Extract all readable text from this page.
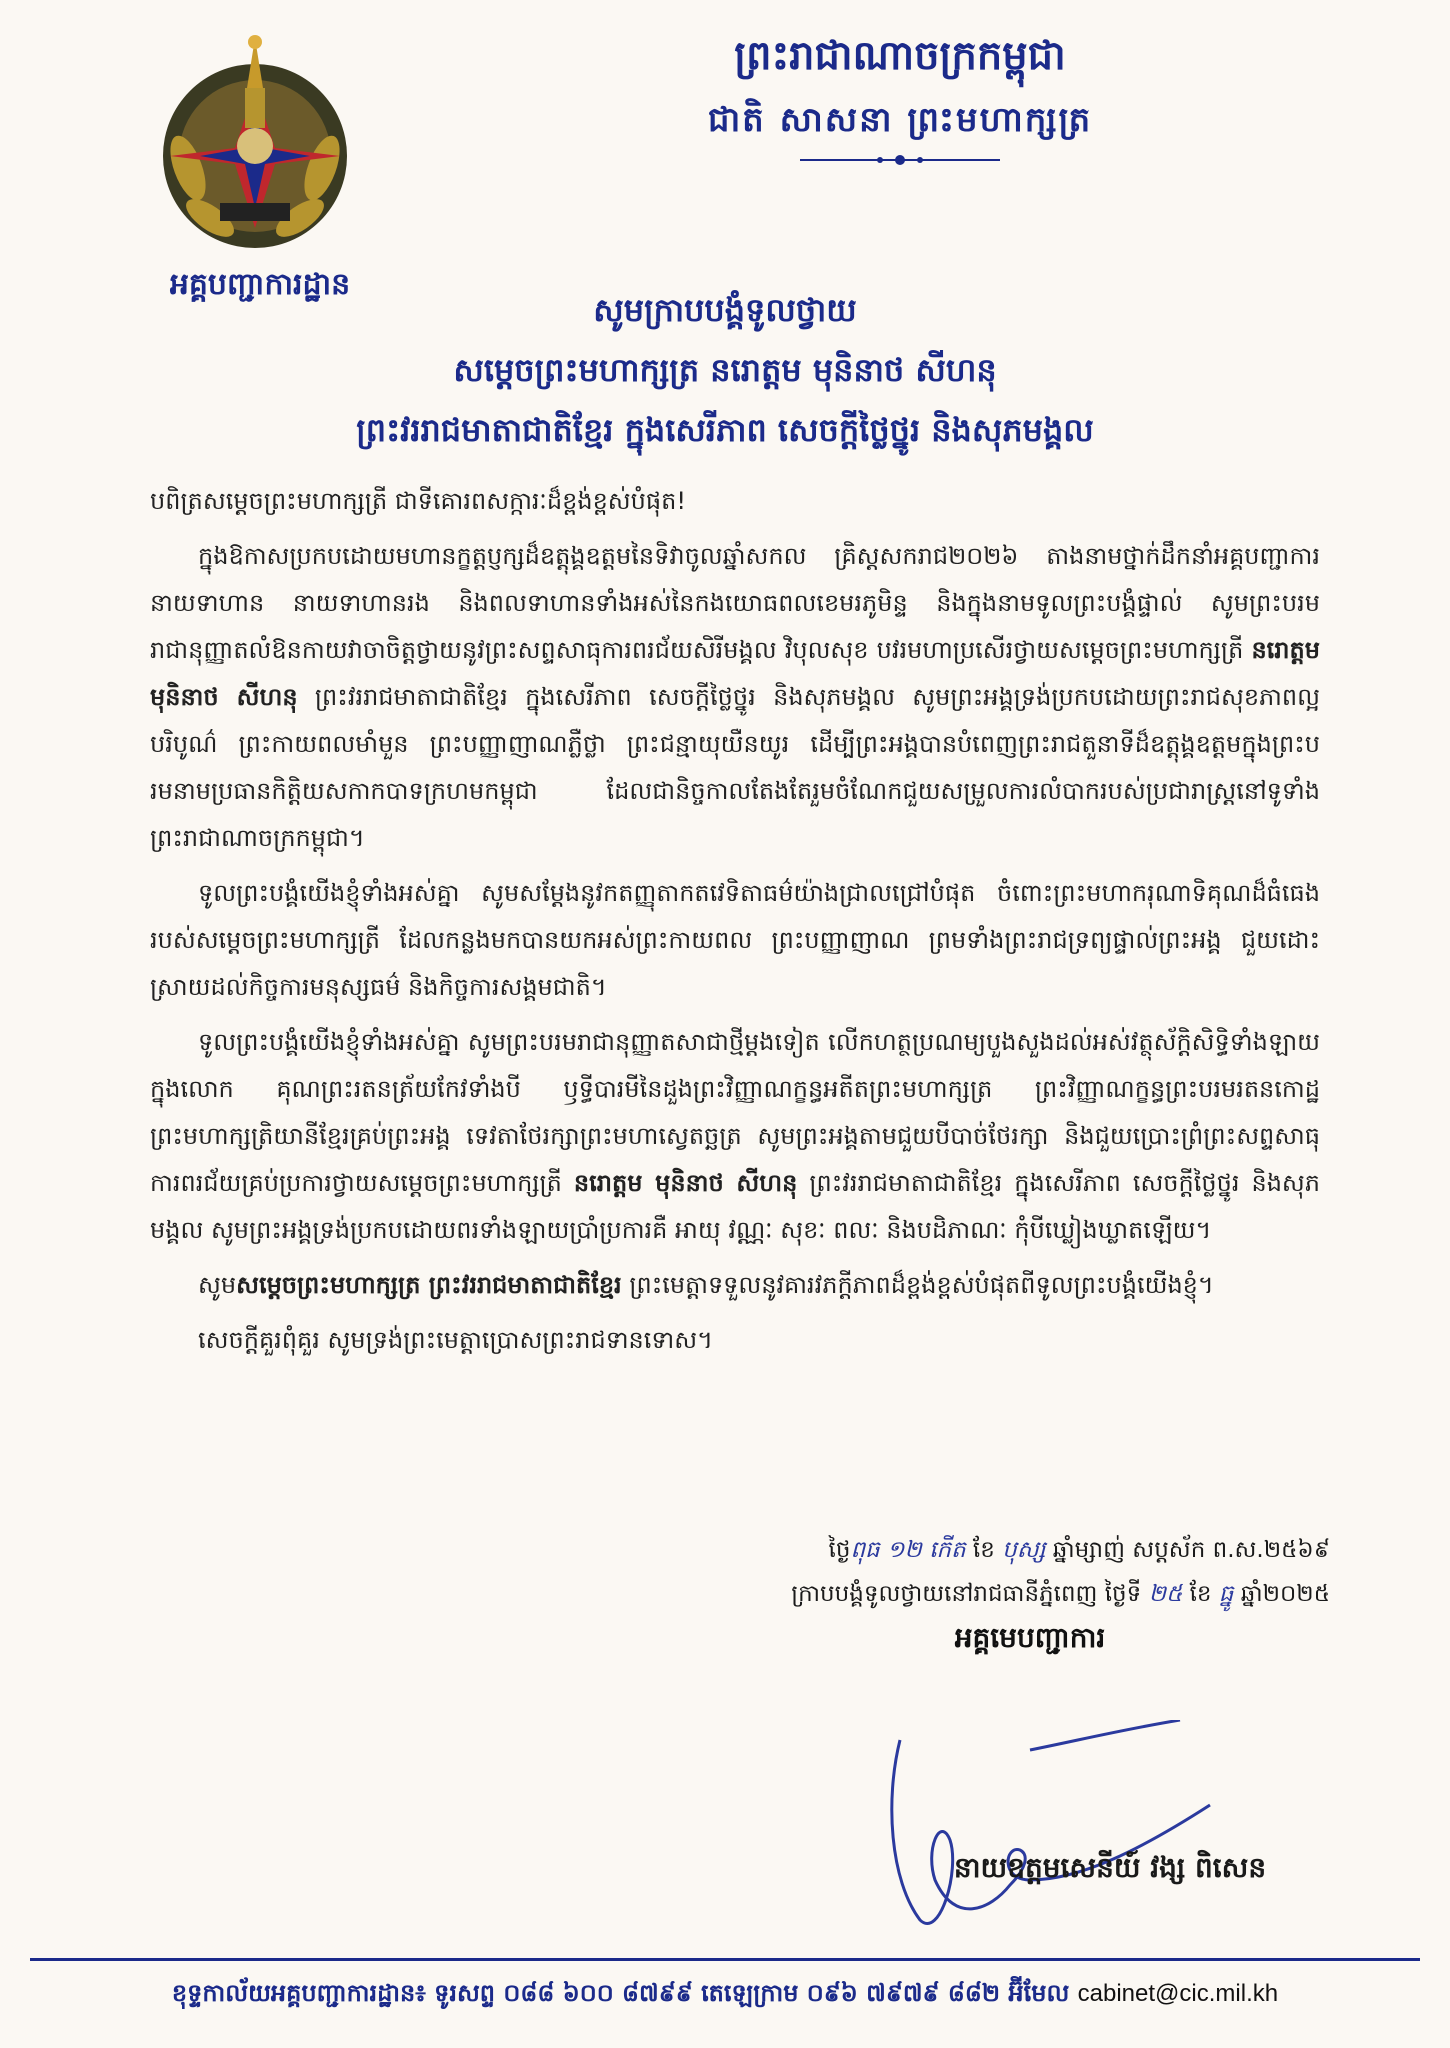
អគ្គបញ្ជាការដ្ឋាន
ព្រះរាជាណាចក្រកម្ពុជា
ជាតិ សាសនា ព្រះមហាក្សត្រ
សូមក្រាបបង្គំទូលថ្វាយ
សម្តេចព្រះមហាក្សត្រ នរោត្តម មុនិនាថ សីហនុ
ព្រះវររាជមាតាជាតិខ្មែរ ក្នុងសេរីភាព សេចក្តីថ្លៃថ្នូរ និងសុភមង្គល

បពិត្រសម្តេចព្រះមហាក្សត្រី ជាទីគោរពសក្ការៈដ៏ខ្ពង់ខ្ពស់បំផុត!

ក្នុងឱកាសប្រកបដោយមហានក្ខត្តប្ញក្សដ៏ឧត្តុង្គឧត្តមនៃទិវាចូលឆ្នាំសកល គ្រិស្តសករាជ២០២៦ តាងនាមថ្នាក់ដឹកនាំអគ្គបញ្ជាការ នាយទាហាន នាយទាហានរង និងពលទាហានទាំងអស់នៃកងយោធពលខេមរភូមិន្ទ និងក្នុងនាមទូលព្រះបង្គំផ្ទាល់ សូមព្រះបរមរាជានុញ្ញាតលំឱនកាយវាចាចិត្តថ្វាយនូវព្រះសព្ទសាធុការពរជ័យសិរីមង្គល វិបុលសុខ បវរមហាប្រសើរថ្វាយសម្តេចព្រះមហាក្សត្រី នរោត្តម មុនិនាថ សីហនុ ព្រះវររាជមាតាជាតិខ្មែរ ក្នុងសេរីភាព សេចក្តីថ្លៃថ្នូរ និងសុភមង្គល សូមព្រះអង្គទ្រង់ប្រកបដោយព្រះរាជសុខភាពល្អបរិបូណ៌ ព្រះកាយពលមាំមួន ព្រះបញ្ញាញាណភ្លឺថ្លា ព្រះជន្មាយុយឺនយូរ ដើម្បីព្រះអង្គបានបំពេញព្រះរាជតួនាទីដ៏ឧត្តុង្គឧត្តមក្នុងព្រះបរមនាមប្រធានកិត្តិយសកាកបាទក្រហមកម្ពុជា ដែលជានិច្ចកាលតែងតែរួមចំណែកជួយសម្រួលការលំបាករបស់ប្រជារាស្ត្រនៅទូទាំងព្រះរាជាណាចក្រកម្ពុជា។

ទូលព្រះបង្គំយើងខ្ញុំទាំងអស់គ្នា សូមសម្តែងនូវកតញ្ញុតាកតវេទិតាធម៌យ៉ាងជ្រាលជ្រៅបំផុត ចំពោះព្រះមហាករុណាទិគុណដ៏ធំធេងរបស់សម្តេចព្រះមហាក្សត្រី ដែលកន្លងមកបានយកអស់ព្រះកាយពល ព្រះបញ្ញាញាណ ព្រមទាំងព្រះរាជទ្រព្យផ្ទាល់ព្រះអង្គ ជួយដោះស្រាយដល់កិច្ចការមនុស្សធម៌ និងកិច្ចការសង្គមជាតិ។

ទូលព្រះបង្គំយើងខ្ញុំទាំងអស់គ្នា សូមព្រះបរមរាជានុញ្ញាតសាជាថ្មីម្តងទៀត លើកហត្ថប្រណម្យបួងសួងដល់អស់វត្ថុស័ក្តិសិទ្ធិទាំងឡាយក្នុងលោក គុណព្រះរតនត្រ័យកែវទាំងបី ឫទ្ធីបារមីនៃដួងព្រះវិញ្ញាណក្ខន្ធអតីតព្រះមហាក្សត្រ ព្រះវិញ្ញាណក្ខន្ធព្រះបរមរតនកោដ្ឋ ព្រះមហាក្សត្រិយានីខ្មែរគ្រប់ព្រះអង្គ ទេវតាថែរក្សាព្រះមហាស្វេតច្ឆត្រ សូមព្រះអង្គតាមជួយបីបាច់ថែរក្សា និងជួយប្រោះព្រំព្រះសព្ទសាធុការពរជ័យគ្រប់ប្រការថ្វាយសម្តេចព្រះមហាក្សត្រី នរោត្តម មុនិនាថ សីហនុ ព្រះវររាជមាតាជាតិខ្មែរ ក្នុងសេរីភាព សេចក្តីថ្លៃថ្នូរ និងសុភមង្គល សូមព្រះអង្គទ្រង់ប្រកបដោយពរទាំងឡាយប្រាំប្រការគឺ អាយុ វណ្ណៈ សុខៈ ពលៈ និងបដិភាណៈ កុំបីឃ្លៀងឃ្លាតឡើយ។

សូមសម្តេចព្រះមហាក្សត្រ ព្រះវររាជមាតាជាតិខ្មែរ ព្រះមេត្តាទទួលនូវគារវភក្តីភាពដ៏ខ្ពង់ខ្ពស់បំផុតពីទូលព្រះបង្គំយើងខ្ញុំ។

សេចក្តីគួរពុំគួរ សូមទ្រង់ព្រះមេត្តាប្រោសព្រះរាជទានទោស។

ថ្ងៃពុធ ១២ កើត ខែ បុស្ស ឆ្នាំម្សាញ់ សប្តស័ក ព.ស.២៥៦៩
ក្រាបបង្គំទូលថ្វាយនៅរាជធានីភ្នំពេញ ថ្ងៃទី ២៥ ខែ ធ្នូ ឆ្នាំ២០២៥
អគ្គមេបញ្ជាការ
នាយឧត្តមសេនីយ៍ វង្ស ពិសេន
ខុទ្ទកាល័យអគ្គបញ្ជាការដ្ឋាន៖ ទូរសព្ទ ០៨៨ ៦០០ ៨៧៩៩ តេឡេក្រាម ០៩៦ ៧៩៧៩ ៨៨២ អ៊ីមែល cabinet@cic.mil.kh
